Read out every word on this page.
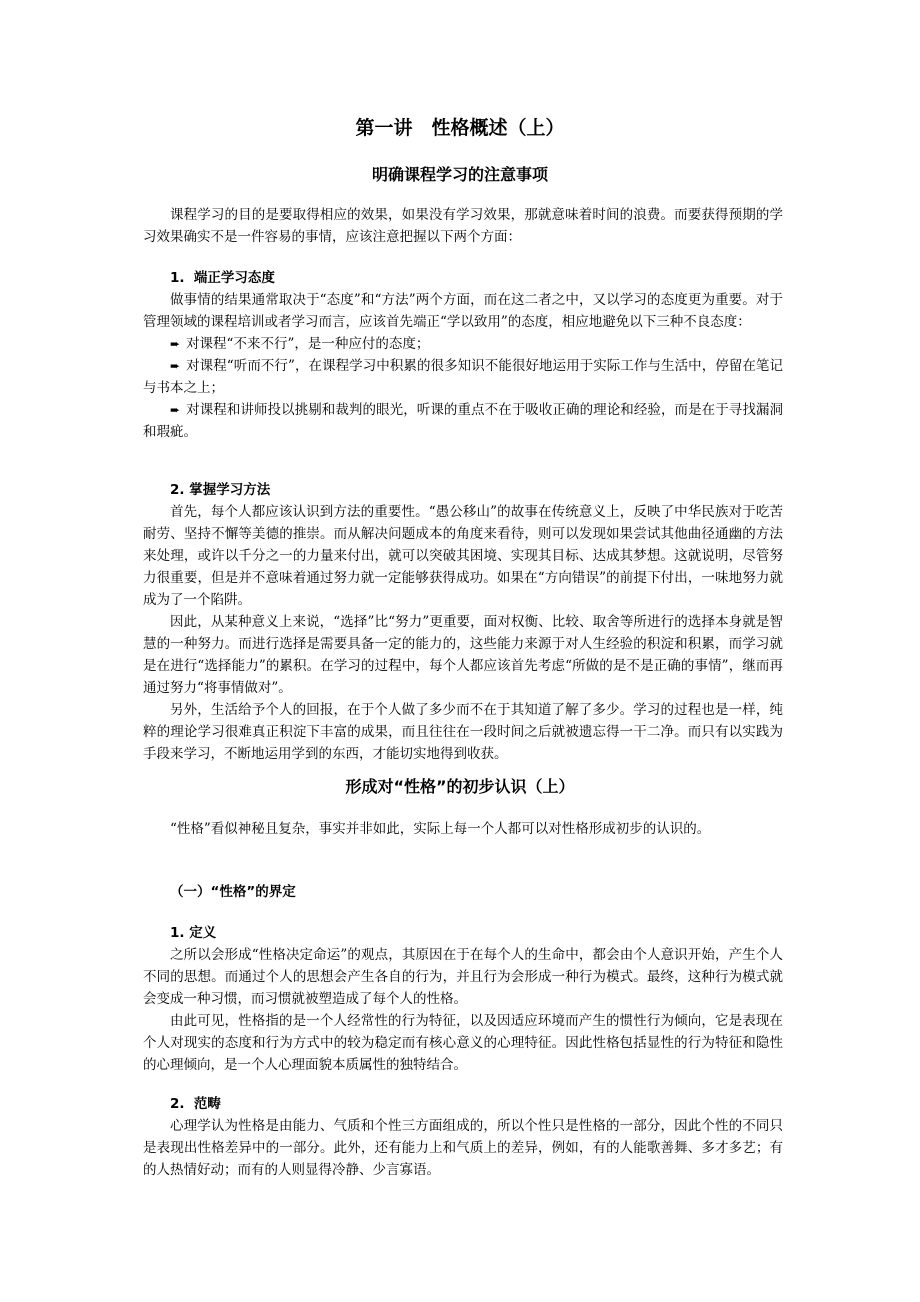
第一讲　性格概述（上）
明确课程学习的注意事项

课程学习的目的是要取得相应的效果，如果没有学习效果，那就意味着时间的浪费。而要获得预期的学习效果确实不是一件容易的事情，应该注意把握以下两个方面：

1.  端正学习态度

做事情的结果通常取决于“态度”和“方法”两个方面，而在这二者之中，又以学习的态度更为重要。对于管理领域的课程培训或者学习而言，应该首先端正“学以致用”的态度，相应地避免以下三种不良态度：

➨ 对课程“不来不行”，是一种应付的态度；

➨ 对课程“听而不行”，在课程学习中积累的很多知识不能很好地运用于实际工作与生活中，停留在笔记与书本之上；

➨ 对课程和讲师投以挑剔和裁判的眼光，听课的重点不在于吸收正确的理论和经验，而是在于寻找漏洞和瑕疵。

2. 掌握学习方法

首先，每个人都应该认识到方法的重要性。“愚公移山”的故事在传统意义上，反映了中华民族对于吃苦耐劳、坚持不懈等美德的推崇。而从解决问题成本的角度来看待，则可以发现如果尝试其他曲径通幽的方法来处理，或许以千分之一的力量来付出，就可以突破其困境、实现其目标、达成其梦想。这就说明，尽管努力很重要，但是并不意味着通过努力就一定能够获得成功。如果在“方向错误”的前提下付出，一味地努力就成为了一个陷阱。

因此，从某种意义上来说，“选择”比“努力”更重要，面对权衡、比较、取舍等所进行的选择本身就是智慧的一种努力。而进行选择是需要具备一定的能力的，这些能力来源于对人生经验的积淀和积累，而学习就是在进行“选择能力”的累积。在学习的过程中，每个人都应该首先考虑“所做的是不是正确的事情”，继而再通过努力“将事情做对”。

另外，生活给予个人的回报，在于个人做了多少而不在于其知道了解了多少。学习的过程也是一样，纯粹的理论学习很难真正积淀下丰富的成果，而且往往在一段时间之后就被遗忘得一干二净。而只有以实践为手段来学习，不断地运用学到的东西，才能切实地得到收获。

形成对“性格”的初步认识（上）

“性格”看似神秘且复杂，事实并非如此，实际上每一个人都可以对性格形成初步的认识的。

（一）“性格”的界定
1. 定义

之所以会形成“性格决定命运”的观点，其原因在于在每个人的生命中，都会由个人意识开始，产生个人不同的思想。而通过个人的思想会产生各自的行为，并且行为会形成一种行为模式。最终，这种行为模式就会变成一种习惯，而习惯就被塑造成了每个人的性格。

由此可见，性格指的是一个人经常性的行为特征，以及因适应环境而产生的惯性行为倾向，它是表现在个人对现实的态度和行为方式中的较为稳定而有核心意义的心理特征。因此性格包括显性的行为特征和隐性的心理倾向，是一个人心理面貌本质属性的独特结合。

2.  范畴

心理学认为性格是由能力、气质和个性三方面组成的，所以个性只是性格的一部分，因此个性的不同只是表现出性格差异中的一部分。此外，还有能力上和气质上的差异，例如，有的人能歌善舞、多才多艺；有的人热情好动；而有的人则显得冷静、少言寡语。
